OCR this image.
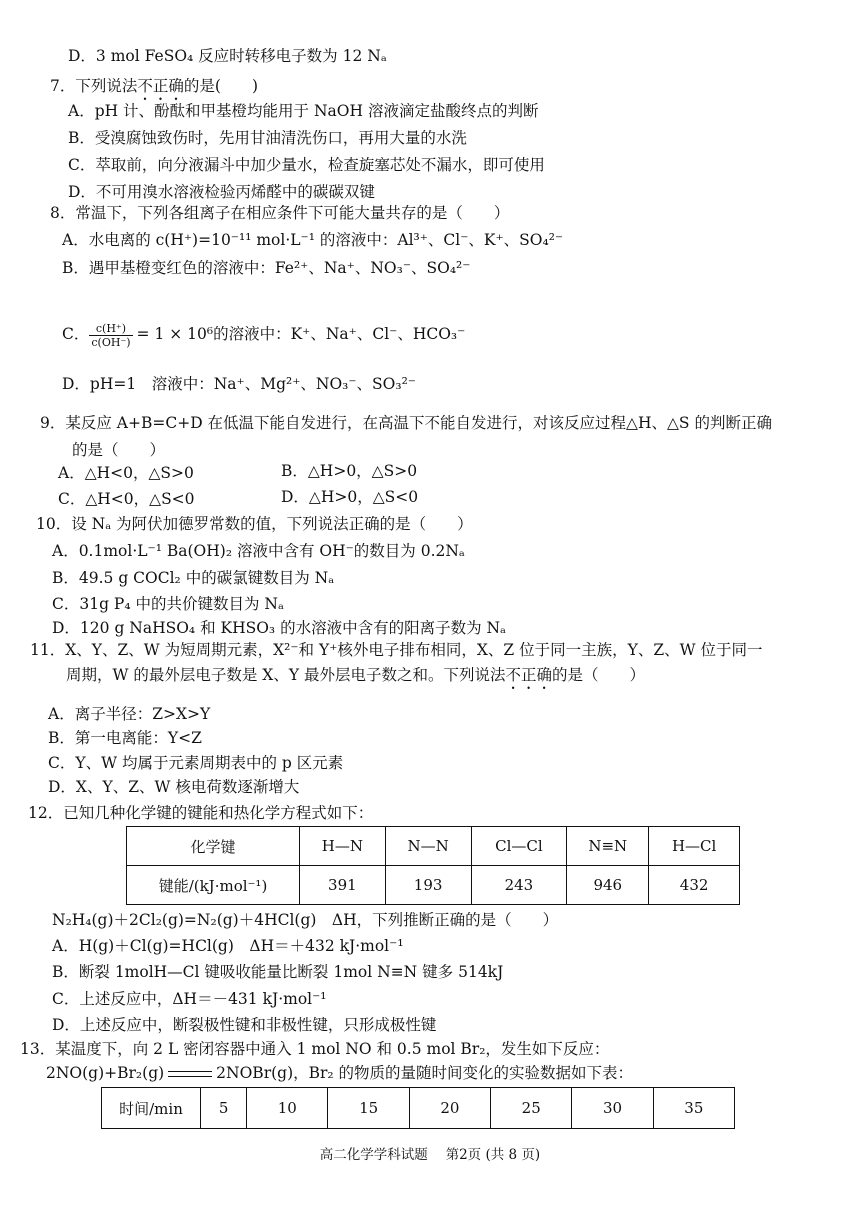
D．3 mol FeSO₄ 反应时转移电子数为 12 Nₐ
7．下列说法不正确的是(　　)
A．pH 计、酚酞和甲基橙均能用于 NaOH 溶液滴定盐酸终点的判断
B．受溴腐蚀致伤时，先用甘油清洗伤口，再用大量的水洗
C．萃取前，向分液漏斗中加少量水，检查旋塞芯处不漏水，即可使用
D．不可用溴水溶液检验丙烯醛中的碳碳双键
8．常温下，下列各组离子在相应条件下可能大量共存的是（　　）
A．水电离的 c(H⁺)=10⁻¹¹ mol·L⁻¹ 的溶液中：Al³⁺、Cl⁻、K⁺、SO₄²⁻
B．遇甲基橙变红色的溶液中：Fe²⁺、Na⁺、NO₃⁻、SO₄²⁻
C． $\frac{c(H^+)}{c(OH^-)} = 1 \times 10^6$的溶液中：K⁺、Na⁺、Cl⁻、HCO₃⁻
D．pH=1　溶液中：Na⁺、Mg²⁺、NO₃⁻、SO₃²⁻
9．某反应 A+B=C+D 在低温下能自发进行，在高温下不能自发进行，对该反应过程△H、△S 的判断正确
的是（　　）
A．△H<0，△S>0	B．△H>0，△S>0
C．△H<0，△S<0	D．△H>0，△S<0
10．设 Nₐ 为阿伏加德罗常数的值，下列说法正确的是（　　）
A．0.1mol·L⁻¹ Ba(OH)₂ 溶液中含有 OH⁻的数目为 0.2Nₐ
B．49.5 g COCl₂ 中的碳氯键数目为 Nₐ
C．31g P₄ 中的共价键数目为 Nₐ
D．120 g NaHSO₄ 和 KHSO₃ 的水溶液中含有的阳离子数为 Nₐ
11．X、Y、Z、W 为短周期元素，X²⁻和 Y⁺核外电子排布相同，X、Z 位于同一主族，Y、Z、W 位于同一
周期，W 的最外层电子数是 X、Y 最外层电子数之和。下列说法不正确的是（　　）
A．离子半径：Z>X>Y
B．第一电离能：Y<Z
C．Y、W 均属于元素周期表中的 p 区元素
D．X、Y、Z、W 核电荷数逐渐增大
12．已知几种化学键的键能和热化学方程式如下：
化学键	H—N	N—N	Cl—Cl	N≡N	H—Cl
键能/(kJ·mol⁻¹)	391	193	243	946	432
N₂H₄(g)＋2Cl₂(g)=N₂(g)＋4HCl(g)　ΔH，下列推断正确的是（　　）
A．H(g)＋Cl(g)=HCl(g)　ΔH＝＋432 kJ·mol⁻¹
B．断裂 1molH—Cl 键吸收能量比断裂 1mol N≡N 键多 514kJ
C．上述反应中，ΔH＝－431 kJ·mol⁻¹
D．上述反应中，断裂极性键和非极性键，只形成极性键
13．某温度下，向 2 L 密闭容器中通入 1 mol NO 和 0.5 mol Br₂，发生如下反应：
2NO(g)+Br₂(g)	2NOBr(g)，Br₂ 的物质的量随时间变化的实验数据如下表：
时间/min	5	10	15	20	25	30	35
高二化学学科试题　 第2页 (共 8 页)
